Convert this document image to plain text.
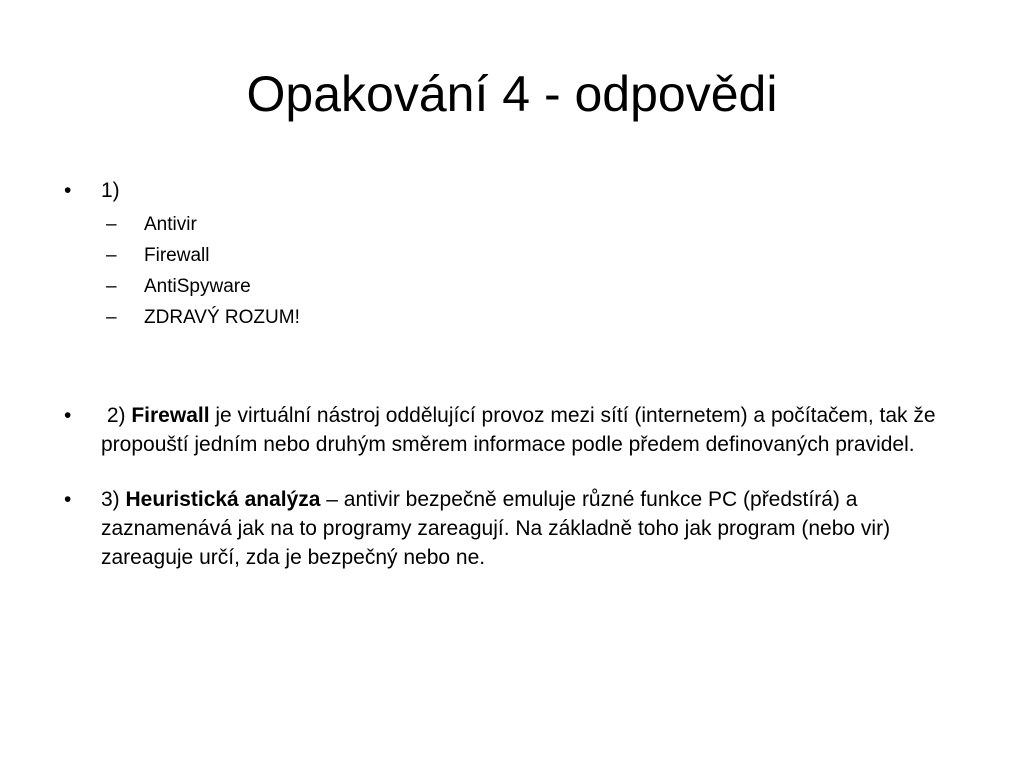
Opakování 4 - odpovědi
•	1)
– Antivir
– Firewall
– AntiSpyware
– ZDRAVÝ ROZUM!
•	2) Firewall je virtuální nástroj oddělující provoz mezi sítí (internetem) a počítačem, tak že propouští jedním nebo druhým směrem informace podle předem definovaných pravidel.
•	3) Heuristická analýza – antivir bezpečně emuluje různé funkce PC (předstírá) a zaznamenává jak na to programy zareagují. Na základně toho jak program (nebo vir) zareaguje určí, zda je bezpečný nebo ne.
